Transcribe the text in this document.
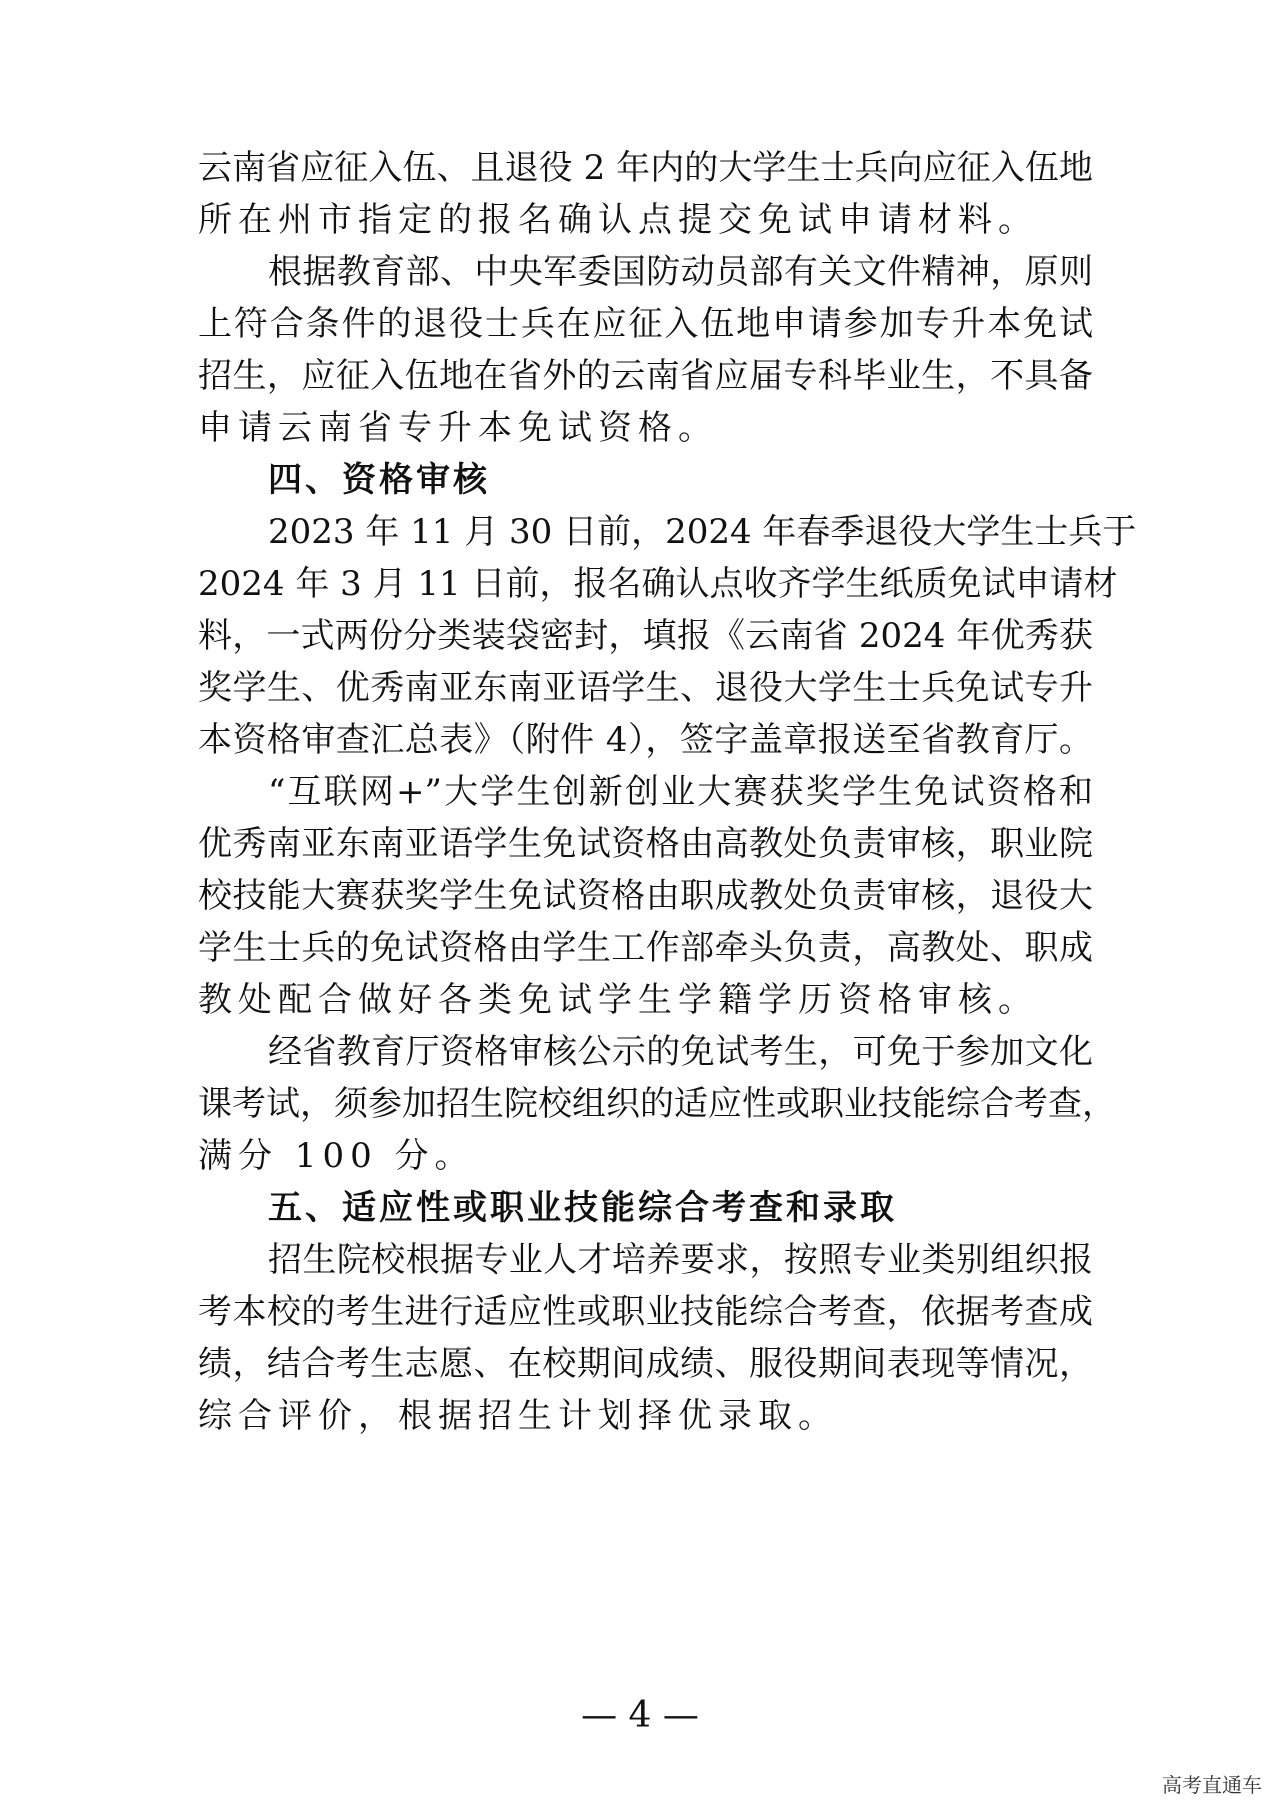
云南省应征入伍、且退役 2 年内的大学生士兵向应征入伍地
所在州市指定的报名确认点提交免试申请材料。
根据教育部、中央军委国防动员部有关文件精神，原则
上符合条件的退役士兵在应征入伍地申请参加专升本免试
招生，应征入伍地在省外的云南省应届专科毕业生，不具备
申请云南省专升本免试资格。
四、资格审核
2023 年 11 月 30 日前，2024 年春季退役大学生士兵于
2024 年 3 月 11 日前，报名确认点收齐学生纸质免试申请材
料，一式两份分类装袋密封，填报《云南省 2024 年优秀获
奖学生、优秀南亚东南亚语学生、退役大学生士兵免试专升
本资格审查汇总表》（附件 4），签字盖章报送至省教育厅。
“互联网+”大学生创新创业大赛获奖学生免试资格和
优秀南亚东南亚语学生免试资格由高教处负责审核，职业院
校技能大赛获奖学生免试资格由职成教处负责审核，退役大
学生士兵的免试资格由学生工作部牵头负责，高教处、职成
教处配合做好各类免试学生学籍学历资格审核。
经省教育厅资格审核公示的免试考生，可免于参加文化
课考试，须参加招生院校组织的适应性或职业技能综合考查，
满分 100 分。
五、适应性或职业技能综合考查和录取
招生院校根据专业人才培养要求，按照专业类别组织报
考本校的考生进行适应性或职业技能综合考查，依据考查成
绩，结合考生志愿、在校期间成绩、服役期间表现等情况，
综合评价，根据招生计划择优录取。
— 4 —
高考直通车
